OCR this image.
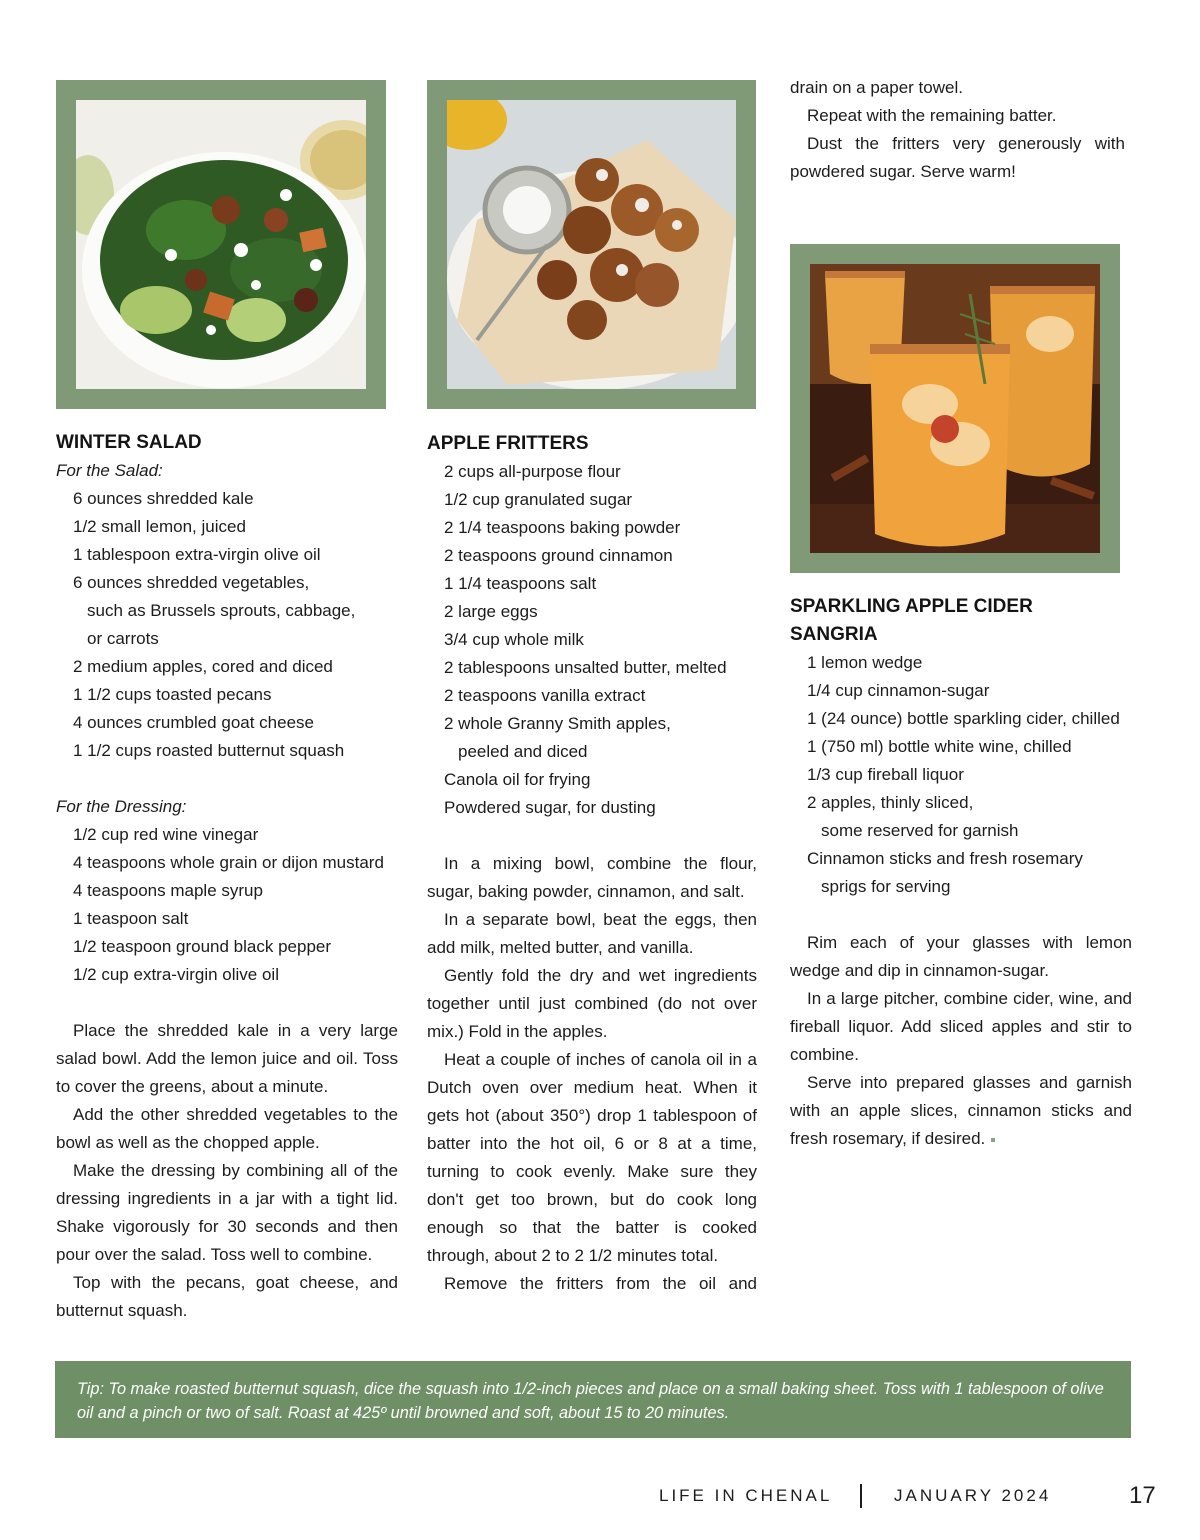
WINTER SALAD
For the Salad:
6 ounces shredded kale
1/2 small lemon, juiced
1 tablespoon extra-virgin olive oil
6 ounces shredded vegetables,
such as Brussels sprouts, cabbage,
or carrots
2 medium apples, cored and diced
1 1/2 cups toasted pecans
4 ounces crumbled goat cheese
1 1/2 cups roasted butternut squash
For the Dressing:
1/2 cup red wine vinegar
4 teaspoons whole grain or dijon mustard
4 teaspoons maple syrup
1 teaspoon salt
1/2 teaspoon ground black pepper
1/2 cup extra-virgin olive oil
Place the shredded kale in a very large salad bowl. Add the lemon juice and oil. Toss to cover the greens, about a minute.
Add the other shredded vegetables to the bowl as well as the chopped apple.
Make the dressing by combining all of the dressing ingredients in a jar with a tight lid. Shake vigorously for 30 seconds and then pour over the salad. Toss well to combine.
Top with the pecans, goat cheese, and butternut squash.
APPLE FRITTERS
2 cups all-purpose flour
1/2 cup granulated sugar
2 1/4 teaspoons baking powder
2 teaspoons ground cinnamon
1 1/4 teaspoons salt
2 large eggs
3/4 cup whole milk
2 tablespoons unsalted butter, melted
2 teaspoons vanilla extract
2 whole Granny Smith apples,
peeled and diced
Canola oil for frying
Powdered sugar, for dusting
In a mixing bowl, combine the flour, sugar, baking powder, cinnamon, and salt.
In a separate bowl, beat the eggs, then add milk, melted butter, and vanilla.
Gently fold the dry and wet ingredients together until just combined (do not over mix.) Fold in the apples.
Heat a couple of inches of canola oil in a Dutch oven over medium heat. When it gets hot (about 350°) drop 1 tablespoon of batter into the hot oil, 6 or 8 at a time, turning to cook evenly. Make sure they don't get too brown, but do cook long enough so that the batter is cooked through, about 2 to 2 1/2 minutes total.
Remove the fritters from the oil and
drain on a paper towel.
Repeat with the remaining batter.
Dust the fritters very generously with powdered sugar. Serve warm!
SPARKLING APPLE CIDER
SANGRIA
1 lemon wedge
1/4 cup cinnamon-sugar
1 (24 ounce) bottle sparkling cider, chilled
1 (750 ml) bottle white wine, chilled
1/3 cup fireball liquor
2 apples, thinly sliced,
some reserved for garnish
Cinnamon sticks and fresh rosemary
sprigs for serving
Rim each of your glasses with lemon wedge and dip in cinnamon-sugar.
In a large pitcher, combine cider, wine, and fireball liquor. Add sliced apples and stir to combine.
Serve into prepared glasses and garnish with an apple slices, cinnamon sticks and fresh rosemary, if desired.
Tip: To make roasted butternut squash, dice the squash into 1/2-inch pieces and place on a small baking sheet. Toss with 1 tablespoon of olive oil and a pinch or two of salt. Roast at 425º until browned and soft, about 15 to 20 minutes.
LIFE IN CHENAL	JANUARY 2024	17
